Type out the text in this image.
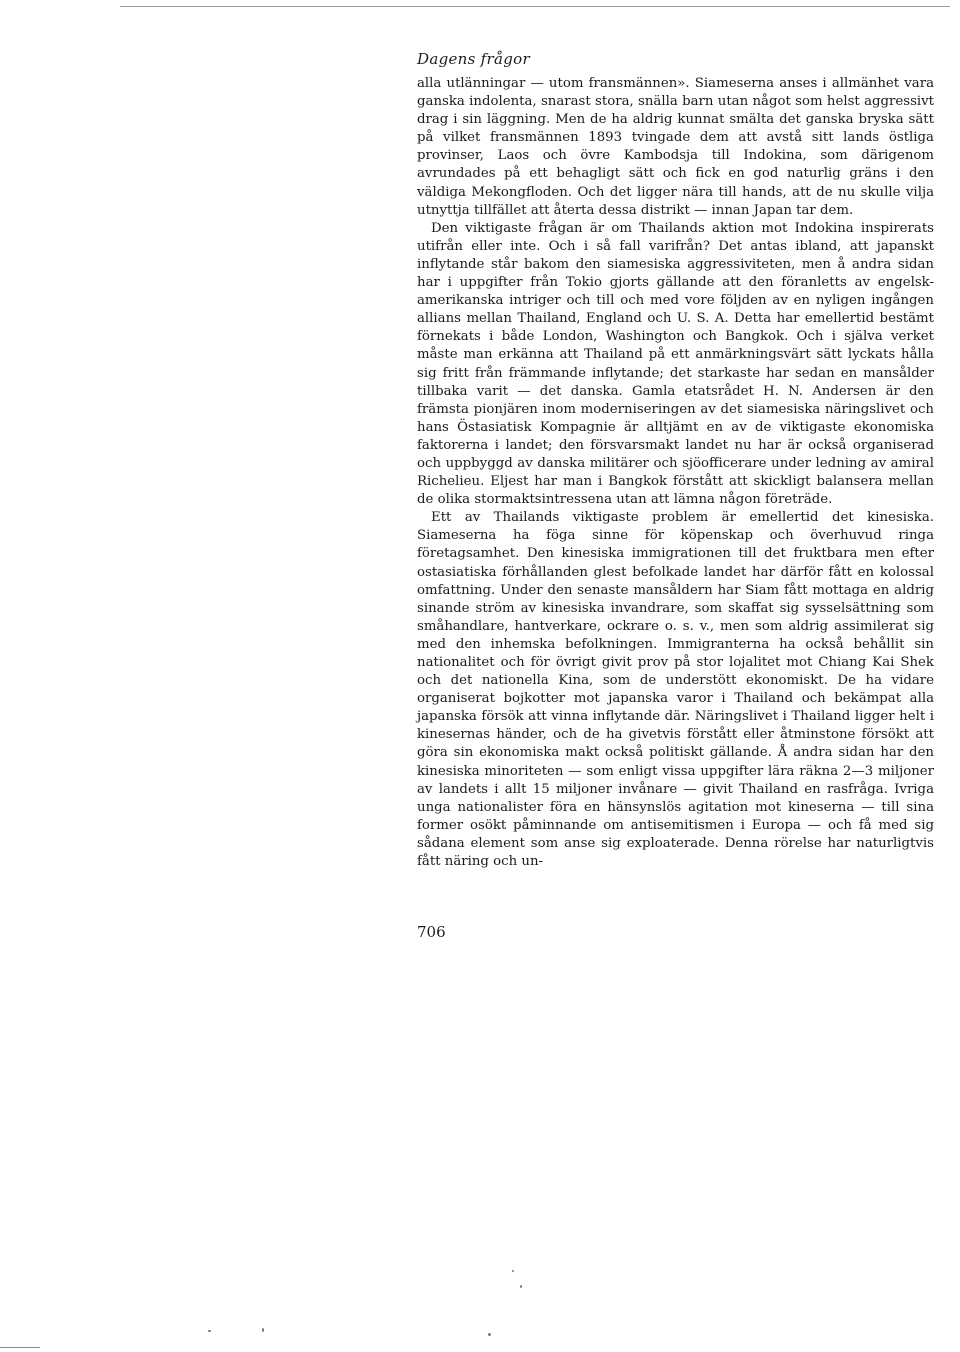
Dagens frågor

alla utlänningar — utom fransmännen». Siameserna anses i allmänhet vara ganska indolenta, snarast stora, snälla barn utan något som helst aggressivt drag i sin läggning. Men de ha aldrig kunnat smälta det ganska bryska sätt på vilket fransmännen 1893 tvingade dem att avstå sitt lands östliga provinser, Laos och övre Kambodsja till Indokina, som därigenom avrundades på ett behagligt sätt och fick en god naturlig gräns i den väldiga Mekongfloden. Och det ligger nära till hands, att de nu skulle vilja utnyttja tillfället att återta dessa distrikt — innan Japan tar dem.

Den viktigaste frågan är om Thailands aktion mot Indokina inspirerats utifrån eller inte. Och i så fall varifrån? Det antas ibland, att japanskt inflytande står bakom den siamesiska aggressiviteten, men å andra sidan har i uppgifter från Tokio gjorts gällande att den föranletts av engelsk-amerikanska intriger och till och med vore följden av en nyligen ingången allians mellan Thailand, England och U. S. A. Detta har emellertid bestämt förnekats i både London, Washington och Bangkok. Och i själva verket måste man erkänna att Thailand på ett anmärkningsvärt sätt lyckats hålla sig fritt från främmande inflytande; det starkaste har sedan en mansålder tillbaka varit — det danska. Gamla etatsrådet H. N. Andersen är den främsta pionjären inom moderniseringen av det siamesiska näringslivet och hans Östasiatisk Kompagnie är alltjämt en av de viktigaste ekonomiska faktorerna i landet; den försvarsmakt landet nu har är också organiserad och uppbyggd av danska militärer och sjöofficerare under ledning av amiral Richelieu. Eljest har man i Bangkok förstått att skickligt balansera mellan de olika stormaktsintressena utan att lämna någon företräde.

Ett av Thailands viktigaste problem är emellertid det kinesiska. Siameserna ha föga sinne för köpenskap och överhuvud ringa företagsamhet. Den kinesiska immigrationen till det fruktbara men efter ostasiatiska förhållanden glest befolkade landet har därför fått en kolossal omfattning. Under den senaste mansåldern har Siam fått mottaga en aldrig sinande ström av kinesiska invandrare, som skaffat sig sysselsättning som småhandlare, hantverkare, ockrare o. s. v., men som aldrig assimilerat sig med den inhemska befolkningen. Immigranterna ha också behållit sin nationalitet och för övrigt givit prov på stor lojalitet mot Chiang Kai Shek och det nationella Kina, som de understött ekonomiskt. De ha vidare organiserat bojkotter mot japanska varor i Thailand och bekämpat alla japanska försök att vinna inflytande där. Näringslivet i Thailand ligger helt i kinesernas händer, och de ha givetvis förstått eller åtminstone försökt att göra sin ekonomiska makt också politiskt gällande. Å andra sidan har den kinesiska minoriteten — som enligt vissa uppgifter lära räkna 2—3 miljoner av landets i allt 15 miljoner invånare — givit Thailand en rasfråga. Ivriga unga nationalister föra en hänsynslös agitation mot kineserna — till sina former osökt påminnande om antisemitismen i Europa — och få med sig sådana element som anse sig exploaterade. Denna rörelse har naturligtvis fått näring och un-

706
